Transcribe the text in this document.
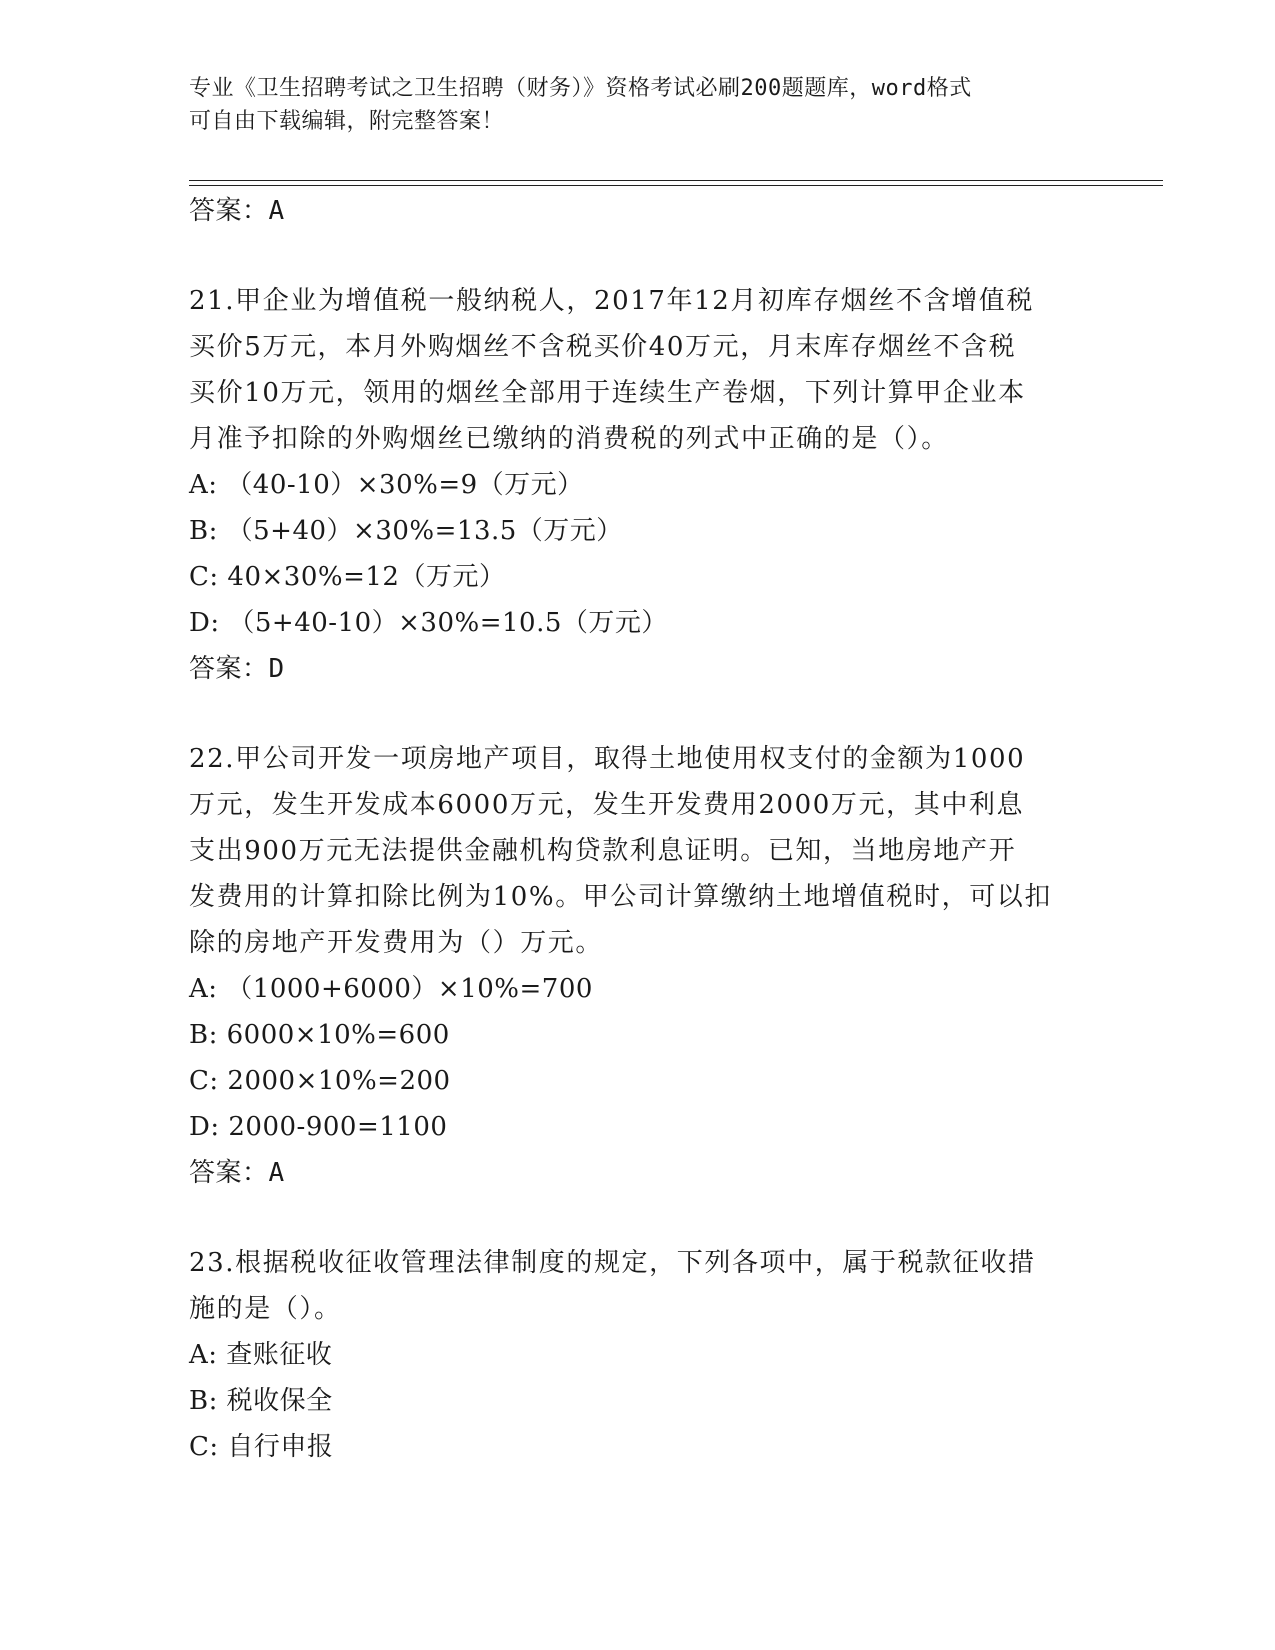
专业《卫生招聘考试之卫生招聘（财务）》资格考试必刷200题题库，word格式
可自由下载编辑，附完整答案！
答案：A
21.甲企业为增值税一般纳税人，2017年12月初库存烟丝不含增值税
买价5万元，本月外购烟丝不含税买价40万元，月末库存烟丝不含税
买价10万元，领用的烟丝全部用于连续生产卷烟，下列计算甲企业本
月准予扣除的外购烟丝已缴纳的消费税的列式中正确的是（）。
A: （40-10）×30%=9（万元）
B: （5+40）×30%=13.5（万元）
C: 40×30%=12（万元）
D: （5+40-10）×30%=10.5（万元）
答案：D
22.甲公司开发一项房地产项目，取得土地使用权支付的金额为1000
万元，发生开发成本6000万元，发生开发费用2000万元，其中利息
支出900万元无法提供金融机构贷款利息证明。已知，当地房地产开
发费用的计算扣除比例为10%。甲公司计算缴纳土地增值税时，可以扣
除的房地产开发费用为（）万元。
A: （1000+6000）×10%=700
B: 6000×10%=600
C: 2000×10%=200
D: 2000-900=1100
答案：A
23.根据税收征收管理法律制度的规定，下列各项中，属于税款征收措
施的是（）。
A: 查账征收
B: 税收保全
C: 自行申报
